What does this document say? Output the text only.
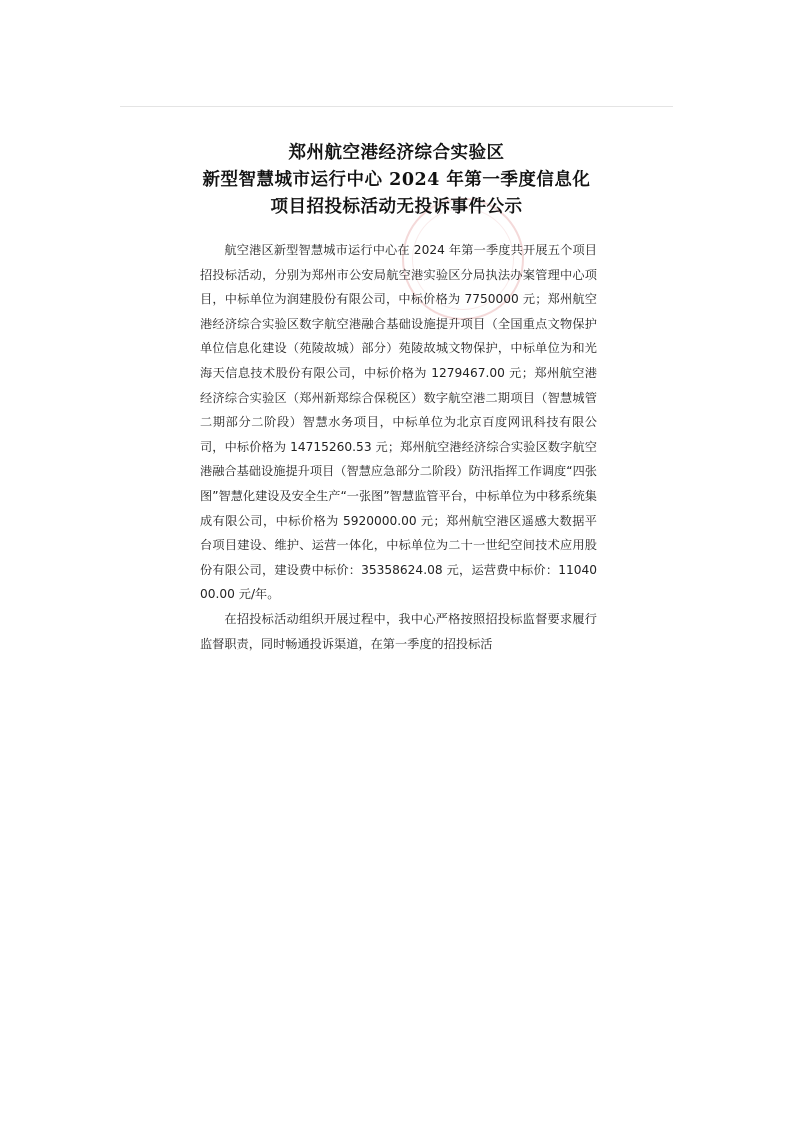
郑州航空港经济综合实验区
新型智慧城市运行中心 2024 年第一季度信息化
项目招投标活动无投诉事件公示

航空港区新型智慧城市运行中心在 2024 年第一季度共开展五个项目招投标活动，分别为郑州市公安局航空港实验区分局执法办案管理中心项目，中标单位为润建股份有限公司，中标价格为 7750000 元；郑州航空港经济综合实验区数字航空港融合基础设施提升项目（全国重点文物保护单位信息化建设（苑陵故城）部分）苑陵故城文物保护，中标单位为和光海天信息技术股份有限公司，中标价格为 1279467.00 元；郑州航空港经济综合实验区（郑州新郑综合保税区）数字航空港二期项目（智慧城管二期部分二阶段）智慧水务项目，中标单位为北京百度网讯科技有限公司，中标价格为 14715260.53 元；郑州航空港经济综合实验区数字航空港融合基础设施提升项目（智慧应急部分二阶段）防汛指挥工作调度“四张图”智慧化建设及安全生产“一张图”智慧监管平台，中标单位为中移系统集成有限公司，中标价格为 5920000.00 元；郑州航空港区遥感大数据平台项目建设、维护、运营一体化，中标单位为二十一世纪空间技术应用股份有限公司，建设费中标价：35358624.08 元，运营费中标价：1104000.00 元/年。

在招投标活动组织开展过程中，我中心严格按照招投标监督要求履行监督职责，同时畅通投诉渠道，在第一季度的招投标活
